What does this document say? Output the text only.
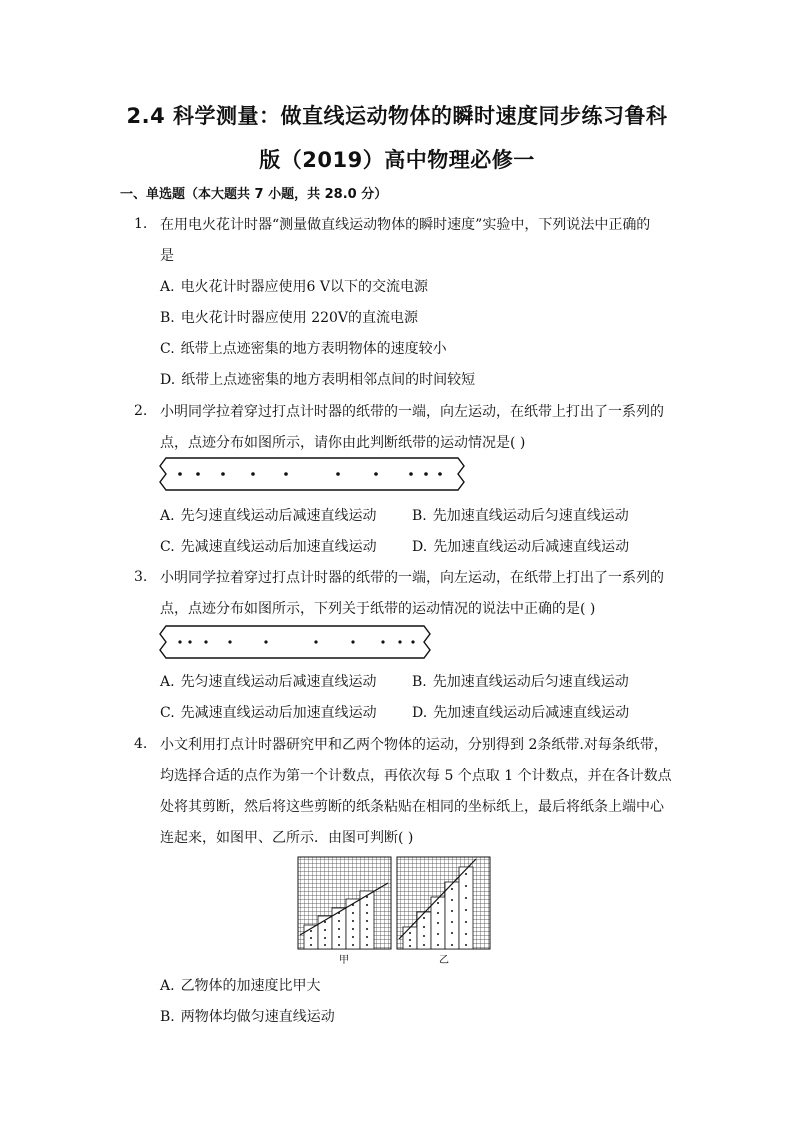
2.4 科学测量：做直线运动物体的瞬时速度同步练习鲁科
版（2019）高中物理必修一
一、单选题（本大题共 7 小题，共 28.0 分）
1. 在用电火花计时器“测量做直线运动物体的瞬时速度”实验中，下列说法中正确的
是
A. 电火花计时器应使用6 V以下的交流电源
B. 电火花计时器应使用 220V的直流电源
C. 纸带上点迹密集的地方表明物体的速度较小
D. 纸带上点迹密集的地方表明相邻点间的时间较短
2. 小明同学拉着穿过打点计时器的纸带的一端，向左运动，在纸带上打出了一系列的
点，点迹分布如图所示，请你由此判断纸带的运动情况是( )
A. 先匀速直线运动后减速直线运动	B. 先加速直线运动后匀速直线运动
C. 先减速直线运动后加速直线运动	D. 先加速直线运动后减速直线运动
3. 小明同学拉着穿过打点计时器的纸带的一端，向左运动，在纸带上打出了一系列的
点，点迹分布如图所示，下列关于纸带的运动情况的说法中正确的是( )
A. 先匀速直线运动后减速直线运动	B. 先加速直线运动后匀速直线运动
C. 先减速直线运动后加速直线运动	D. 先加速直线运动后减速直线运动
4. 小文利用打点计时器研究甲和乙两个物体的运动，分别得到 2条纸带.对每条纸带，
均选择合适的点作为第一个计数点，再依次每 5 个点取 1 个计数点，并在各计数点
处将其剪断，然后将这些剪断的纸条粘贴在相同的坐标纸上，最后将纸条上端中心
连起来，如图甲、乙所示．由图可判断( )
甲	乙
A. 乙物体的加速度比甲大
B. 两物体均做匀速直线运动
